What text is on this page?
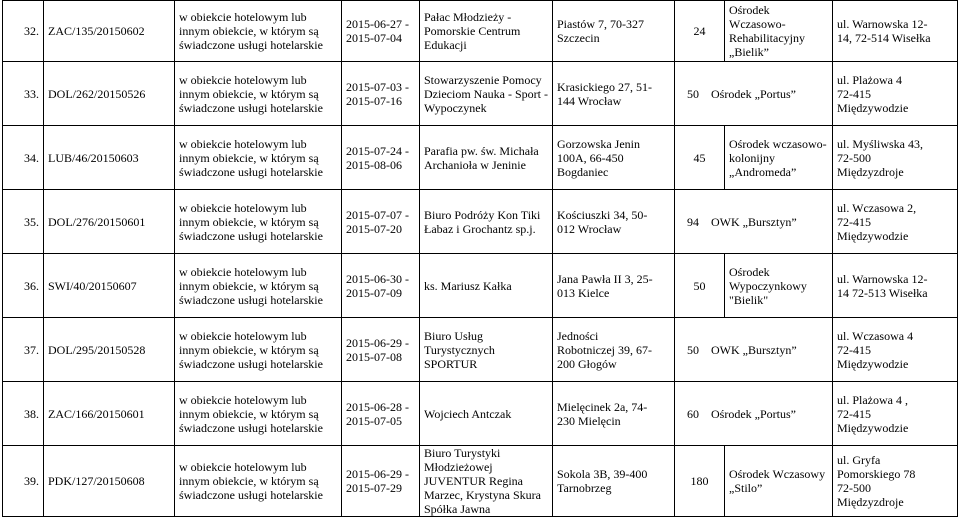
32.	ZAC/135/20150602	w obiekcie hotelowym lub
innym obiekcie, w którym są
świadczone usługi hotelarskie	2015-06-27 -
2015-07-04	Pałac Młodzieży -
Pomorskie Centrum
Edukacji	Piastów 7, 70-327
Szczecin	24	Ośrodek Wczasowo-
Rehabilitacyjny
„Bielik”	ul. Warnowska 12-
14, 72-514 Wisełka

33.	DOL/262/20150526	w obiekcie hotelowym lub
innym obiekcie, w którym są
świadczone usługi hotelarskie	2015-07-03 -
2015-07-16	Stowarzyszenie Pomocy
Dzieciom Nauka - Sport -
Wypoczynek	Krasickiego 27, 51-
144 Wrocław	50 Ośrodek „Portus”		ul. Plażowa 4
72-415
Międzywodzie

34.	LUB/46/20150603	w obiekcie hotelowym lub
innym obiekcie, w którym są
świadczone usługi hotelarskie	2015-07-24 -
2015-08-06	Parafia pw. św. Michała
Archanioła w Jeninie	Gorzowska Jenin
100A, 66-450
Bogdaniec	45	Ośrodek wczasowo-
kolonijny
„Andromeda”	ul. Myśliwska 43,
72-500
Międzyzdroje

35.	DOL/276/20150601	w obiekcie hotelowym lub
innym obiekcie, w którym są
świadczone usługi hotelarskie	2015-07-07 -
2015-07-20	Biuro Podróży Kon Tiki
Łabaz i Grochantz sp.j.	Kościuszki 34, 50-
012 Wrocław	94 OWK „Bursztyn”		ul. Wczasowa 2,
72-415
Międzywodzie

36.	SWI/40/20150607	w obiekcie hotelowym lub
innym obiekcie, w którym są
świadczone usługi hotelarskie	2015-06-30 -
2015-07-09	ks. Mariusz Kałka	Jana Pawła II 3, 25-
013 Kielce	50	Ośrodek
Wypoczynkowy
"Bielik"	ul. Warnowska 12-
14 72-513 Wisełka

37.	DOL/295/20150528	w obiekcie hotelowym lub
innym obiekcie, w którym są
świadczone usługi hotelarskie	2015-06-29 -
2015-07-08	Biuro Usług
Turystycznych
SPORTUR	Jedności
Robotniczej 39, 67-
200 Głogów	50 OWK „Bursztyn”		ul. Wczasowa 4
72-415
Międzywodzie

38.	ZAC/166/20150601	w obiekcie hotelowym lub
innym obiekcie, w którym są
świadczone usługi hotelarskie	2015-06-28 -
2015-07-05	Wojciech Antczak	Mielęcinek 2a, 74-
230 Mielęcin	60 Ośrodek „Portus”		ul. Plażowa 4 ,
72-415
Międzywodzie

39.	PDK/127/20150608	w obiekcie hotelowym lub
innym obiekcie, w którym są
świadczone usługi hotelarskie	2015-06-29 -
2015-07-29	Biuro Turystyki
Młodzieżowej
JUVENTUR Regina
Marzec, Krystyna Skura
Spółka Jawna	Sokola 3B, 39-400
Tarnobrzeg	180	Ośrodek Wczasowy
„Stilo”	ul. Gryfa
Pomorskiego 78
72-500
Międzyzdroje
